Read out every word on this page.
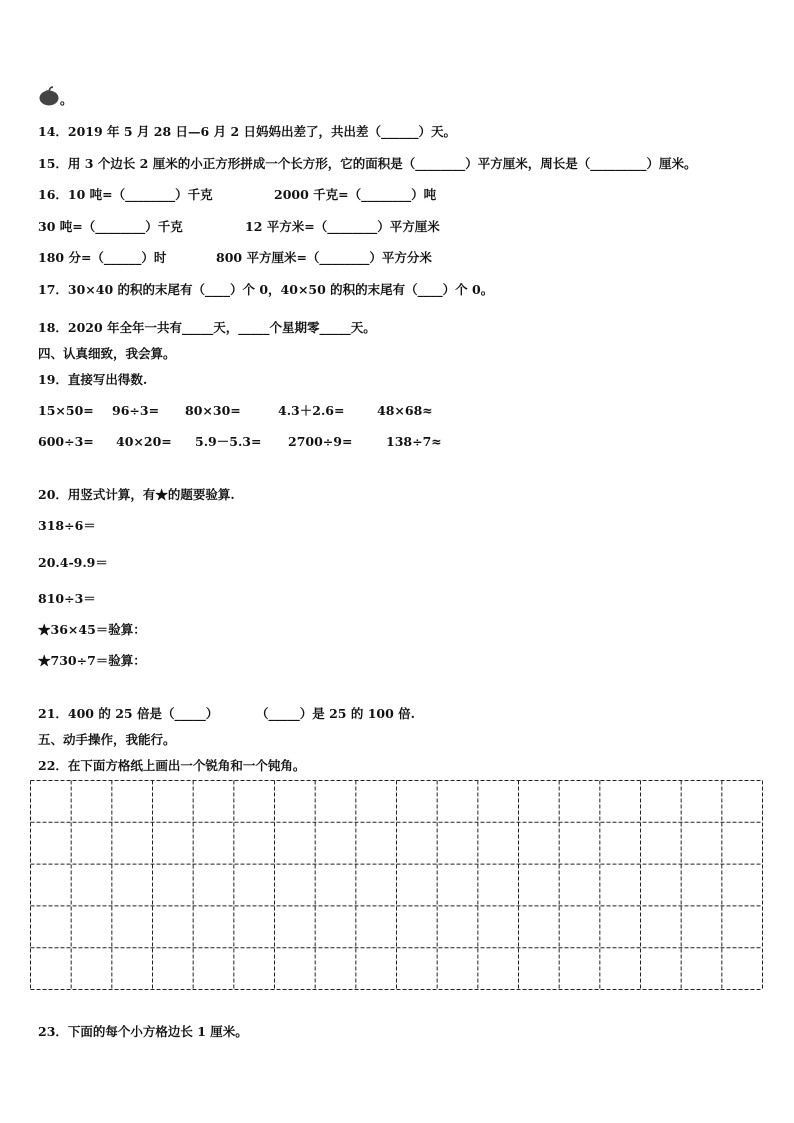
。
14．2019 年 5 月 28 日—6 月 2 日妈妈出差了，共出差（______）天。
15．用 3 个边长 2 厘米的小正方形拼成一个长方形，它的面积是（________）平方厘米，周长是（_________）厘米。
16．10 吨=（________）千克	2000 千克=（________）吨
30 吨=（________）千克	12 平方米=（________）平方厘米
180 分=（______）时	800 平方厘米=（________）平方分米
17．30×40 的积的末尾有（____）个 0，40×50 的积的末尾有（____）个 0。
18．2020 年全年一共有_____天，_____个星期零_____天。
四、认真细致，我会算。
19．直接写出得数.
15×50= 96÷3= 80×30=	4.3＋2.6=	48×68≈
600÷3= 40×20= 5.9－5.3= 2700÷9=	138÷7≈
20．用竖式计算，有★的题要验算.
318÷6＝
20.4-9.9＝
810÷3＝
★36×45＝验算：
★730÷7＝验算：
21．400 的 25 倍是（_____）	（_____）是 25 的 100 倍.
五、动手操作，我能行。
22．在下面方格纸上画出一个锐角和一个钝角。
23．下面的每个小方格边长 1 厘米。
